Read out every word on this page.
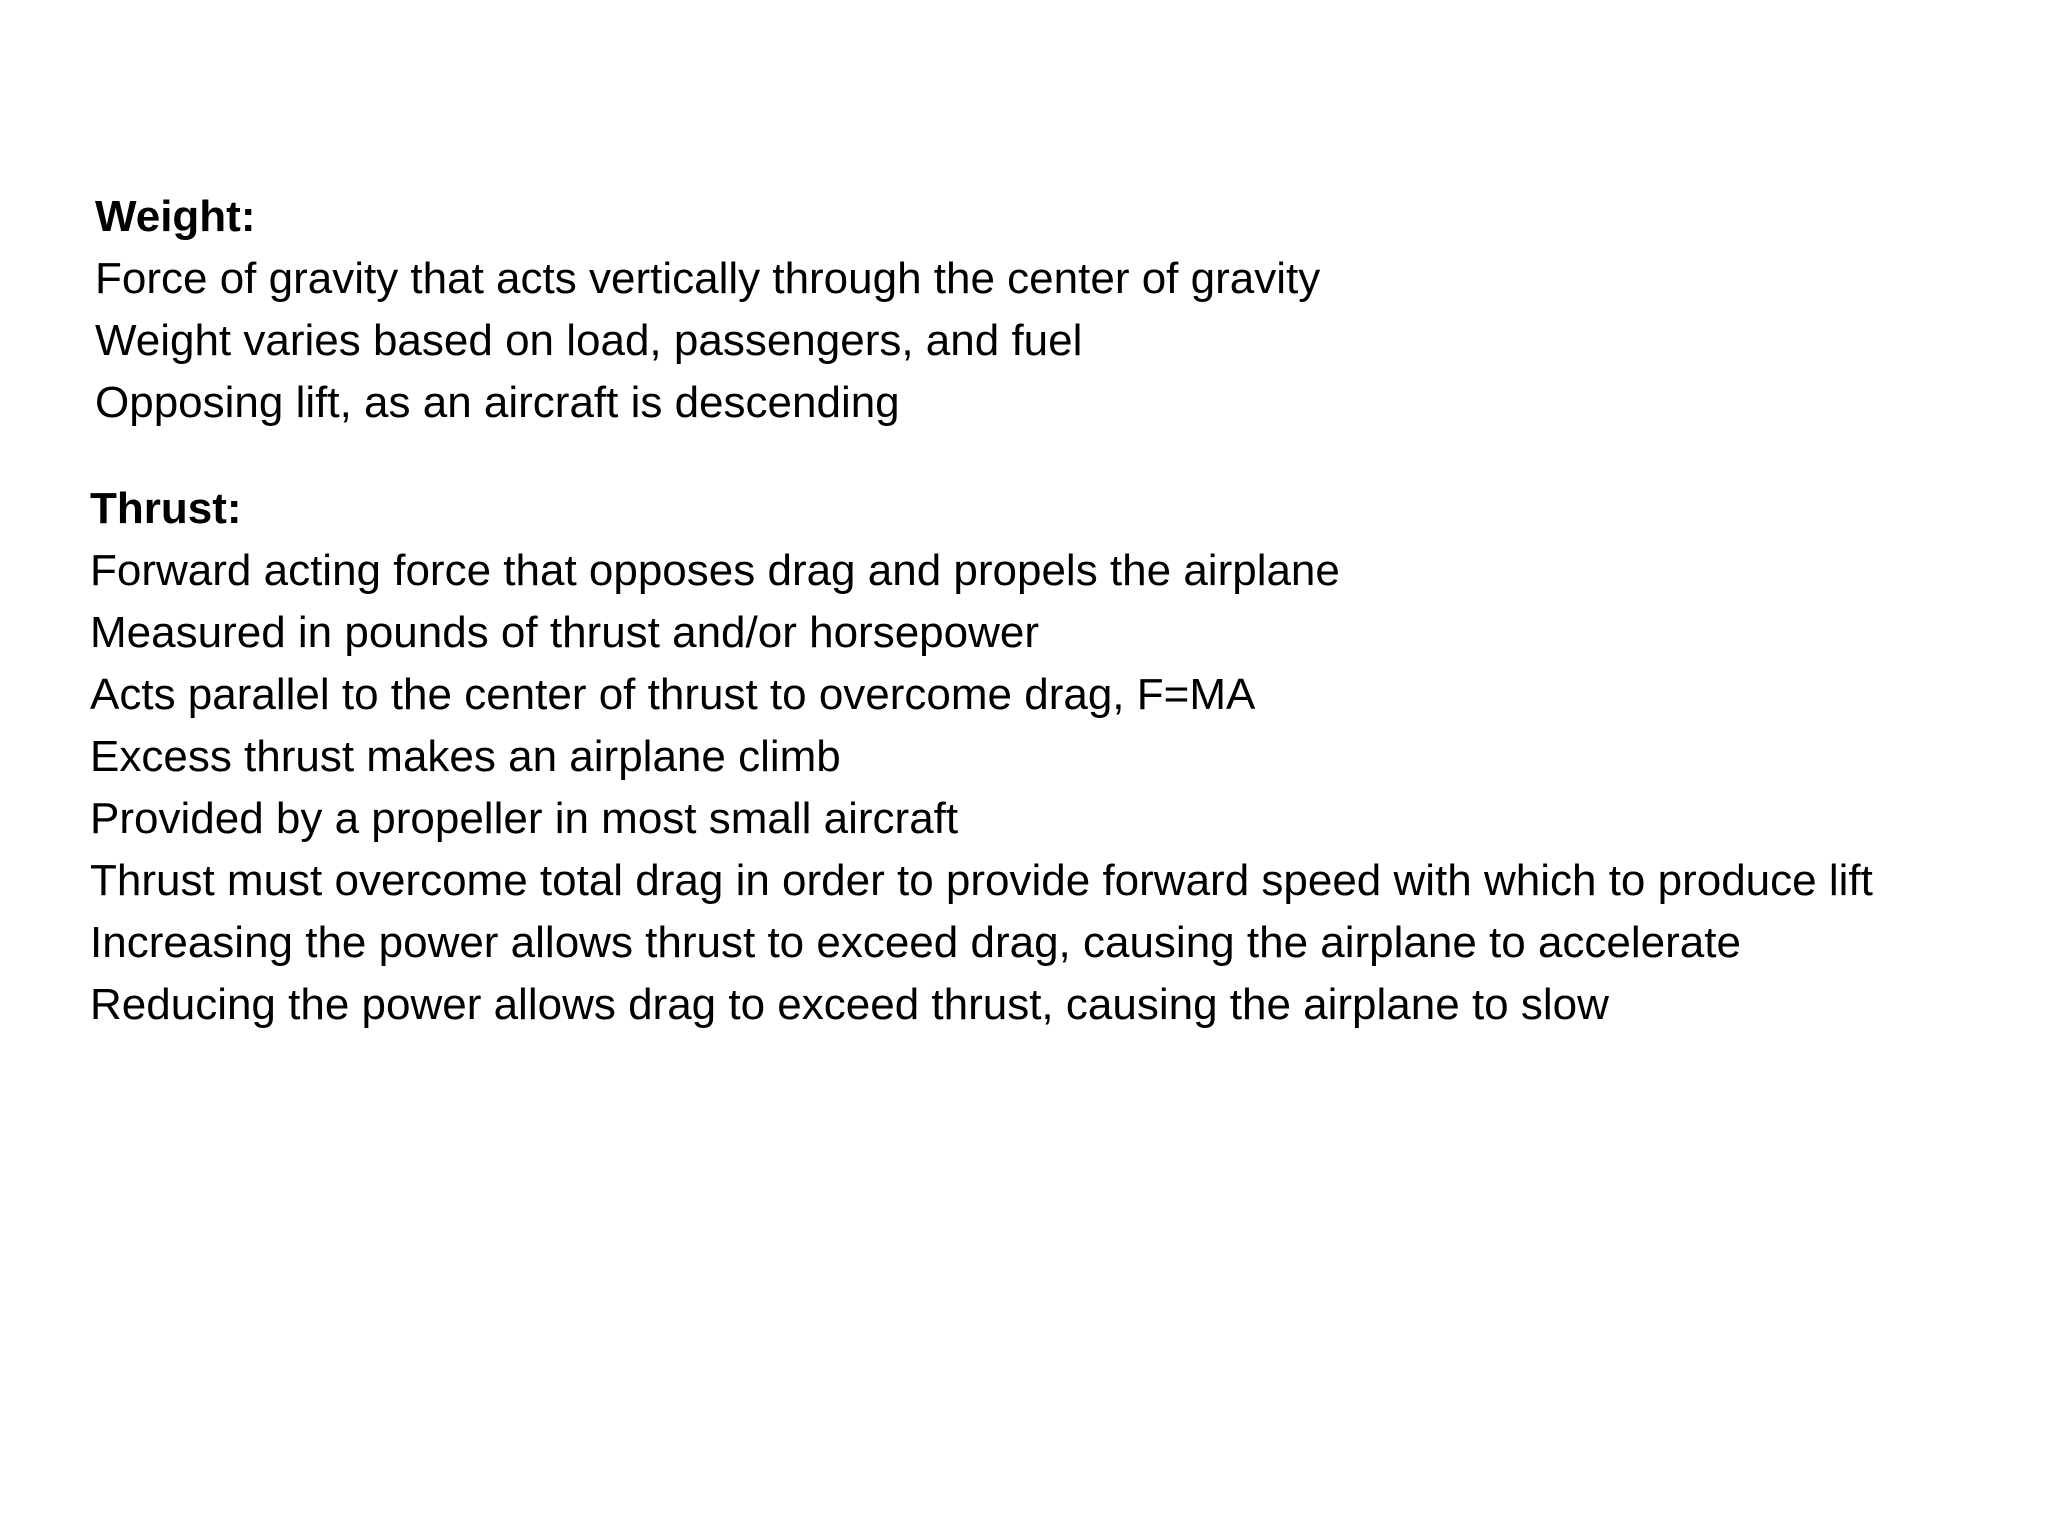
Weight:

Force of gravity that acts vertically through the center of gravity
Weight varies based on load, passengers, and fuel
Opposing lift, as an aircraft is descending

Thrust:

Forward acting force that opposes drag and propels the airplane
Measured in pounds of thrust and/or horsepower
Acts parallel to the center of thrust to overcome drag, F=MA
Excess thrust makes an airplane climb
Provided by a propeller in most small aircraft
Thrust must overcome total drag in order to provide forward speed with which to produce lift
Increasing the power allows thrust to exceed drag, causing the airplane to accelerate
Reducing the power allows drag to exceed thrust, causing the airplane to slow
